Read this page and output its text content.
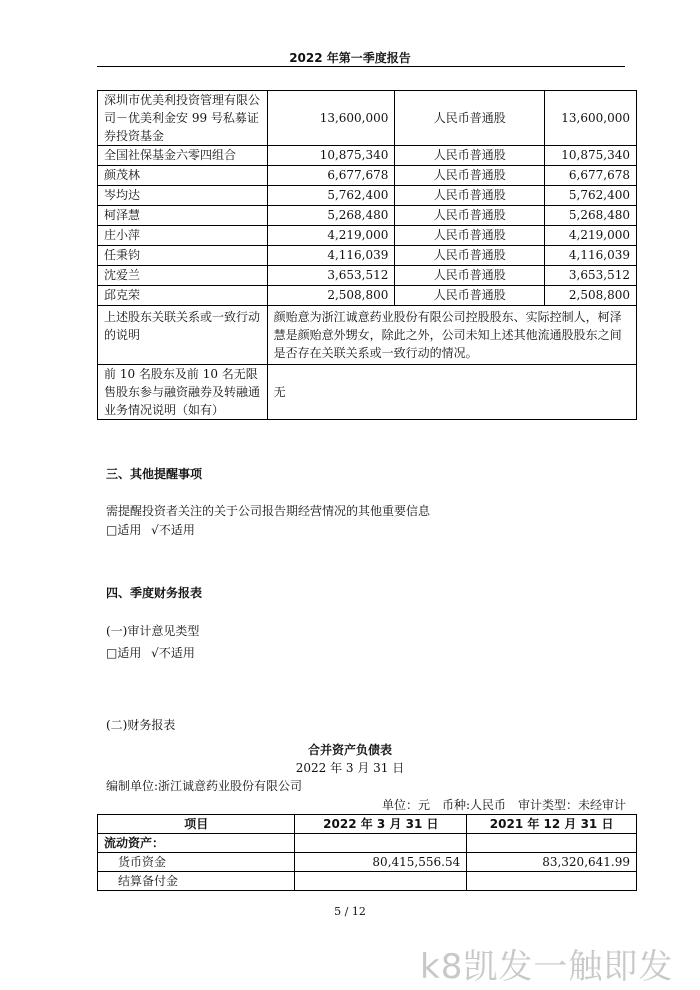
2022 年第一季度报告
深圳市优美利投资管理有限公司－优美利金安 99 号私募证券投资基金	13,600,000	人民币普通股	13,600,000
全国社保基金六零四组合	10,875,340	人民币普通股	10,875,340
颜茂林	6,677,678	人民币普通股	6,677,678
岑均达	5,762,400	人民币普通股	5,762,400
柯泽慧	5,268,480	人民币普通股	5,268,480
庄小萍	4,219,000	人民币普通股	4,219,000
任秉钧	4,116,039	人民币普通股	4,116,039
沈爱兰	3,653,512	人民币普通股	3,653,512
邱克荣	2,508,800	人民币普通股	2,508,800
上述股东关联关系或一致行动的说明	颜贻意为浙江诚意药业股份有限公司控股股东、实际控制人，柯泽慧是颜贻意外甥女，除此之外，公司未知上述其他流通股股东之间是否存在关联关系或一致行动的情况。		
前 10 名股东及前 10 名无限售股东参与融资融券及转融通业务情况说明（如有）	无		
三、其他提醒事项
需提醒投资者关注的关于公司报告期经营情况的其他重要信息
□适用 √不适用
四、季度财务报表
(一)审计意见类型
□适用 √不适用
(二)财务报表
合并资产负债表
2022 年 3 月 31 日
编制单位:浙江诚意药业股份有限公司
单位：元　币种:人民币　审计类型：未经审计
项目	2022 年 3 月 31 日	2021 年 12 月 31 日
流动资产：		
货币资金	80,415,556.54	83,320,641.99
结算备付金		
5 / 12
k8凯发一触即发
